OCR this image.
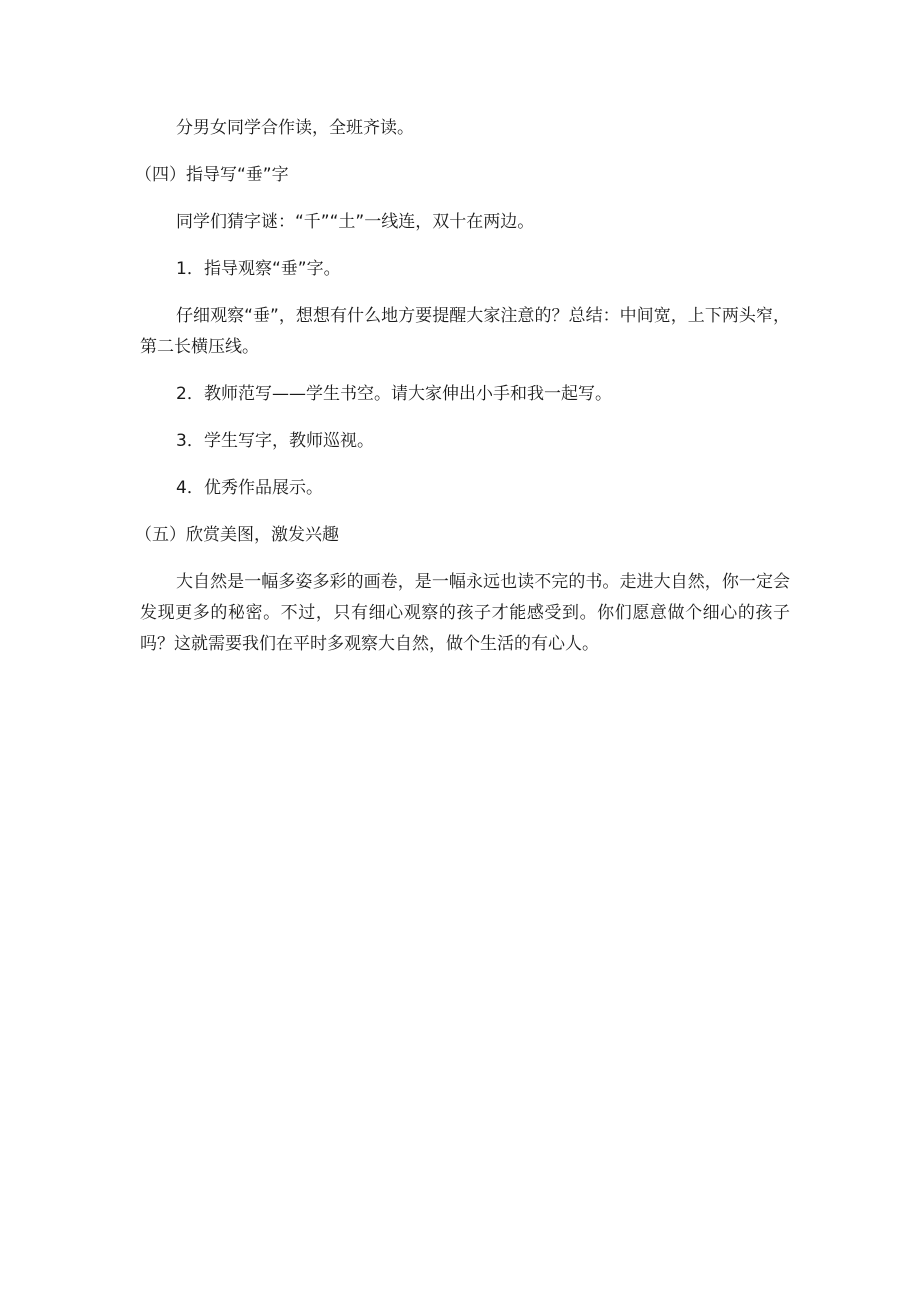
分男女同学合作读，全班齐读。

（四）指导写“垂”字

同学们猜字谜：“千”“土”一线连，双十在两边。

1．指导观察“垂”字。

仔细观察“垂”，想想有什么地方要提醒大家注意的？总结：中间宽，上下两头窄，第二长横压线。

2．教师范写——学生书空。请大家伸出小手和我一起写。

3．学生写字，教师巡视。

4．优秀作品展示。

（五）欣赏美图，激发兴趣

大自然是一幅多姿多彩的画卷，是一幅永远也读不完的书。走进大自然，你一定会发现更多的秘密。不过，只有细心观察的孩子才能感受到。你们愿意做个细心的孩子吗？这就需要我们在平时多观察大自然，做个生活的有心人。
